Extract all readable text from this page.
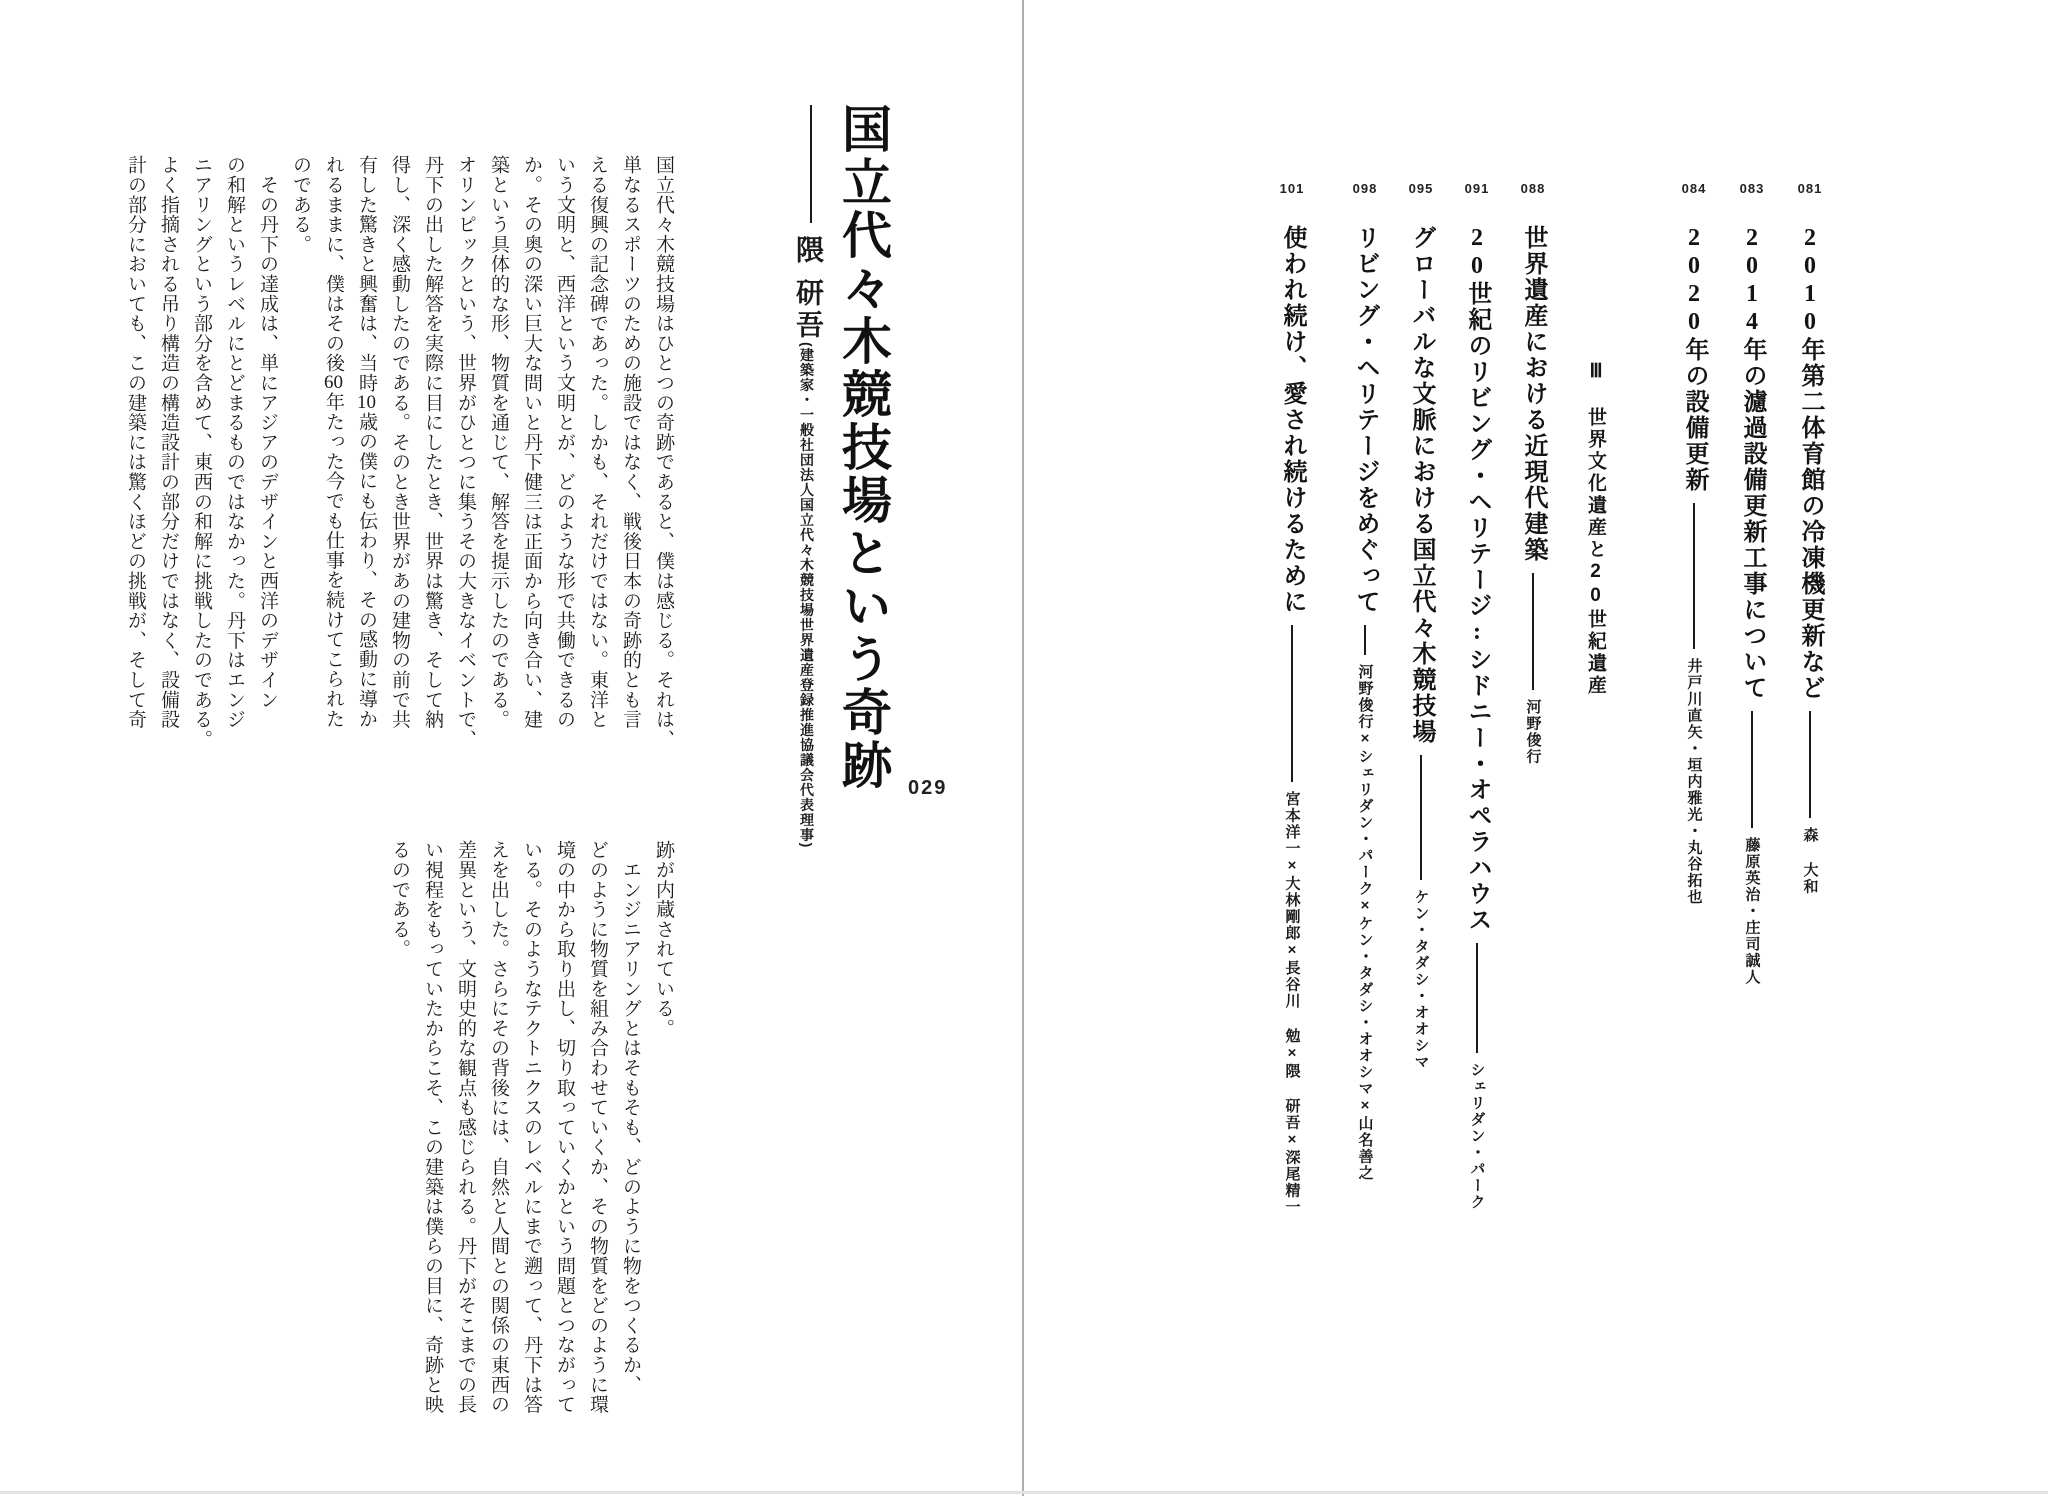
国立代々木競技場という奇跡
隈 研吾(建築家・一般社団法人国立代々木競技場世界遺産登録推進協議会代表理事)	029
国立代々木競技場はひとつの奇跡であると、僕は感じる。それは、
単なるスポーツのための施設ではなく、戦後日本の奇跡的とも言
える復興の記念碑であった。しかも、それだけではない。東洋と
いう文明と、西洋という文明とが、どのような形で共働できるの
か。その奥の深い巨大な問いと丹下健三は正面から向き合い、建
築という具体的な形、物質を通じて、解答を提示したのである。
オリンピックという、世界がひとつに集うその大きなイベントで、
丹下の出した解答を実際に目にしたとき、世界は驚き、そして納
得し、深く感動したのである。そのとき世界があの建物の前で共
有した驚きと興奮は、当時10歳の僕にも伝わり、その感動に導か
れるままに、僕はその後60年たった今でも仕事を続けてこられた
のである。
　その丹下の達成は、単にアジアのデザインと西洋のデザイン
の和解というレベルにとどまるものではなかった。丹下はエンジ
ニアリングという部分を含めて、東西の和解に挑戦したのである。
よく指摘される吊り構造の構造設計の部分だけではなく、設備設
計の部分においても、この建築には驚くほどの挑戦が、そして奇
跡が内蔵されている。
　エンジニアリングとはそもそも、どのように物をつくるか、
どのように物質を組み合わせていくか、その物質をどのように環
境の中から取り出し、切り取っていくかという問題とつながって
いる。そのようなテクトニクスのレベルにまで遡って、丹下は答
えを出した。さらにその背後には、自然と人間との関係の東西の
差異という、文明史的な観点も感じられる。丹下がそこまでの長
い視程をもっていたからこそ、この建築は僕らの目に、奇跡と映
るのである。
Ⅲ　世界文化遺産と20世紀遺産
081
2010年第二体育館の冷凍機更新など
森 大和
083
2014年の濾過設備更新工事について
藤原英治・庄司誠人
084
2020年の設備更新
井戸川直矢・垣内雅光・丸谷拓也
088
世界遺産における近現代建築
河野俊行
091
20世紀のリビング・ヘリテージ:シドニー・オペラハウス
シェリダン・パーク
095
グローバルな文脈における国立代々木競技場
ケン・タダシ・オオシマ
098
リビング・ヘリテージをめぐって
河野俊行×シェリダン・パーク×ケン・タダシ・オオシマ×山名善之
101
使われ続け、愛され続けるために
宮本洋一×大林剛郎×長谷川 勉×隈 研吾×深尾精一
